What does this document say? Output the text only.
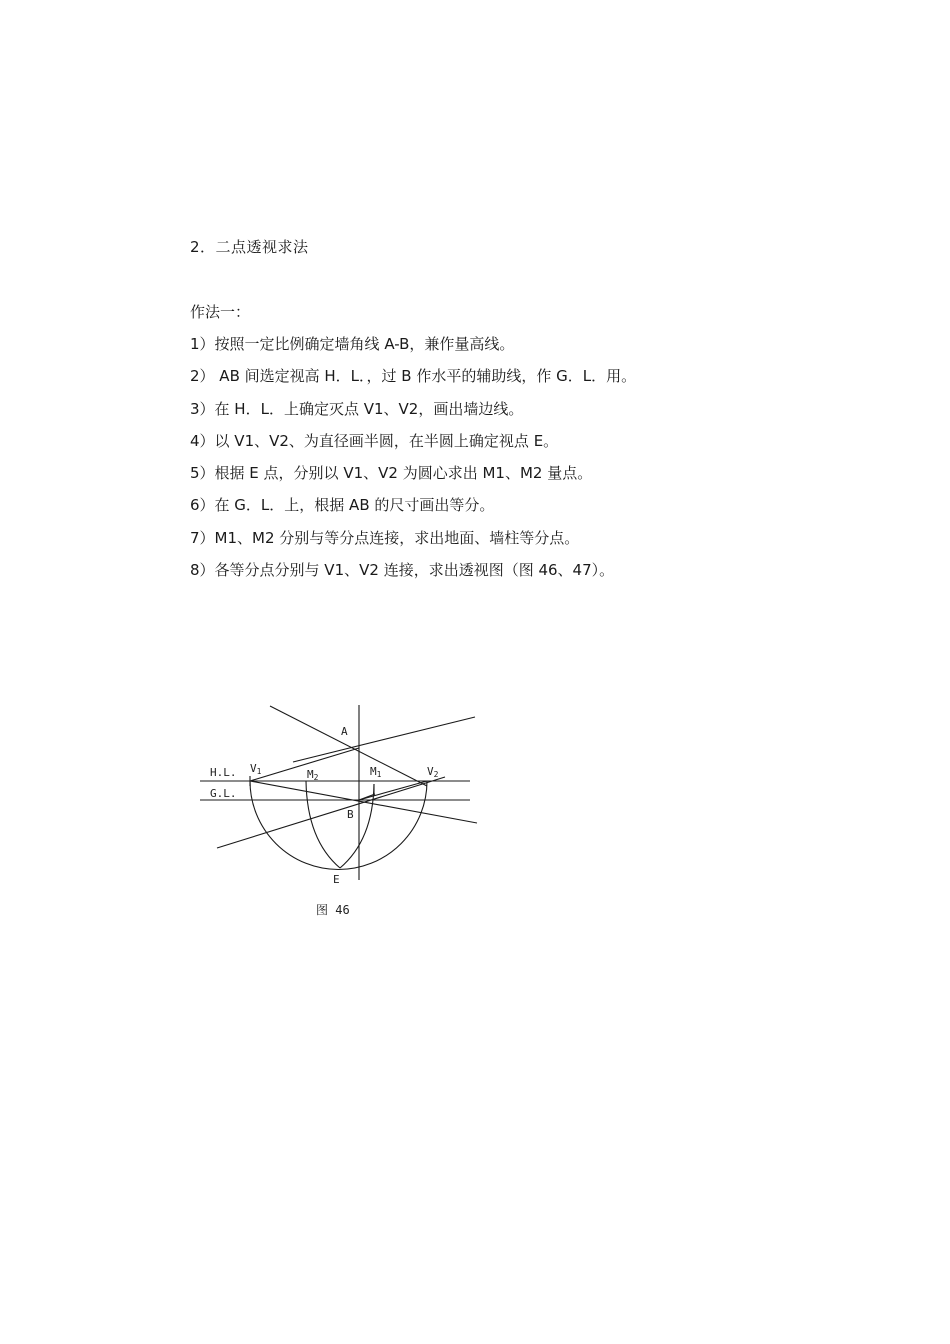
2．二点透视求法
作法一：
1）按照一定比例确定墙角线 A-B，兼作量高线。
2） AB 间选定视高 H．L．，过 B 作水平的辅助线，作 G．L．用。
3）在 H．L．上确定灭点 V1、V2，画出墙边线。
4）以 V1、V2、为直径画半圆，在半圆上确定视点 E。
5）根据 E 点，分别以 V1、V2 为圆心求出 M1、M2 量点。
6）在 G．L．上，根据 AB 的尺寸画出等分。
7）M1、M2 分别与等分点连接，求出地面、墙柱等分点。
8）各等分点分别与 V1、V2 连接，求出透视图（图 46、47）。
A
H.L.
G.L.
V1	M2	M1	V2
B
E
图 46
